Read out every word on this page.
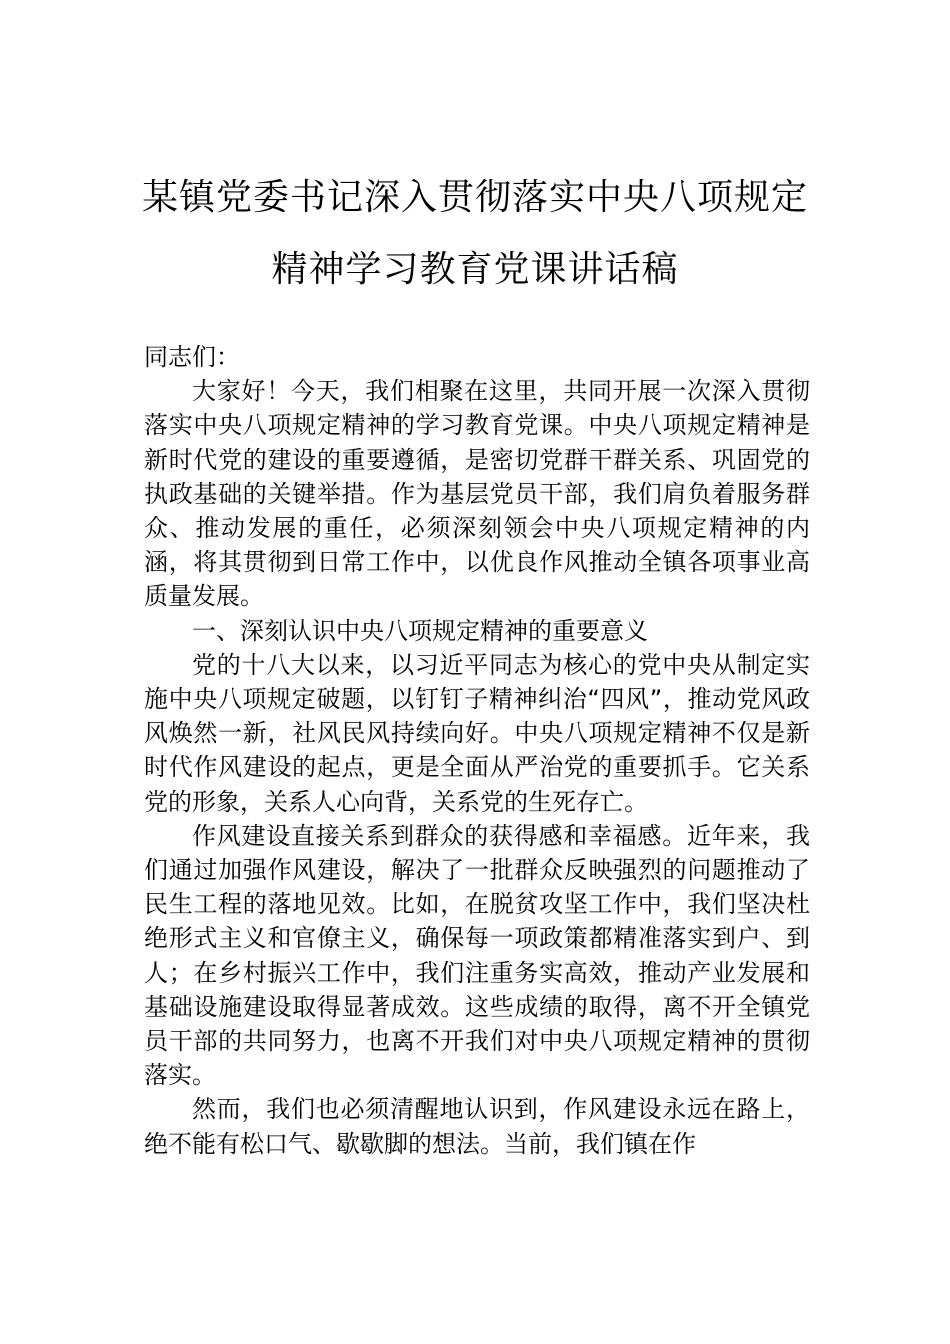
某镇党委书记深入贯彻落实中央八项规定
精神学习教育党课讲话稿

同志们：

大家好！今天，我们相聚在这里，共同开展一次深入贯彻落实中央八项规定精神的学习教育党课。中央八项规定精神是新时代党的建设的重要遵循，是密切党群干群关系、巩固党的执政基础的关键举措。作为基层党员干部，我们肩负着服务群众、推动发展的重任，必须深刻领会中央八项规定精神的内涵，将其贯彻到日常工作中，以优良作风推动全镇各项事业高质量发展。

一、深刻认识中央八项规定精神的重要意义

党的十八大以来，以习近平同志为核心的党中央从制定实施中央八项规定破题，以钉钉子精神纠治“四风”，推动党风政风焕然一新，社风民风持续向好。中央八项规定精神不仅是新时代作风建设的起点，更是全面从严治党的重要抓手。它关系党的形象，关系人心向背，关系党的生死存亡。

作风建设直接关系到群众的获得感和幸福感。近年来，我们通过加强作风建设，解决了一批群众反映强烈的问题推动了民生工程的落地见效。比如，在脱贫攻坚工作中，我们坚决杜绝形式主义和官僚主义，确保每一项政策都精准落实到户、到人；在乡村振兴工作中，我们注重务实高效，推动产业发展和基础设施建设取得显著成效。这些成绩的取得，离不开全镇党员干部的共同努力，也离不开我们对中央八项规定精神的贯彻落实。

然而，我们也必须清醒地认识到，作风建设永远在路上，绝不能有松口气、歇歇脚的想法。当前，我们镇在作
